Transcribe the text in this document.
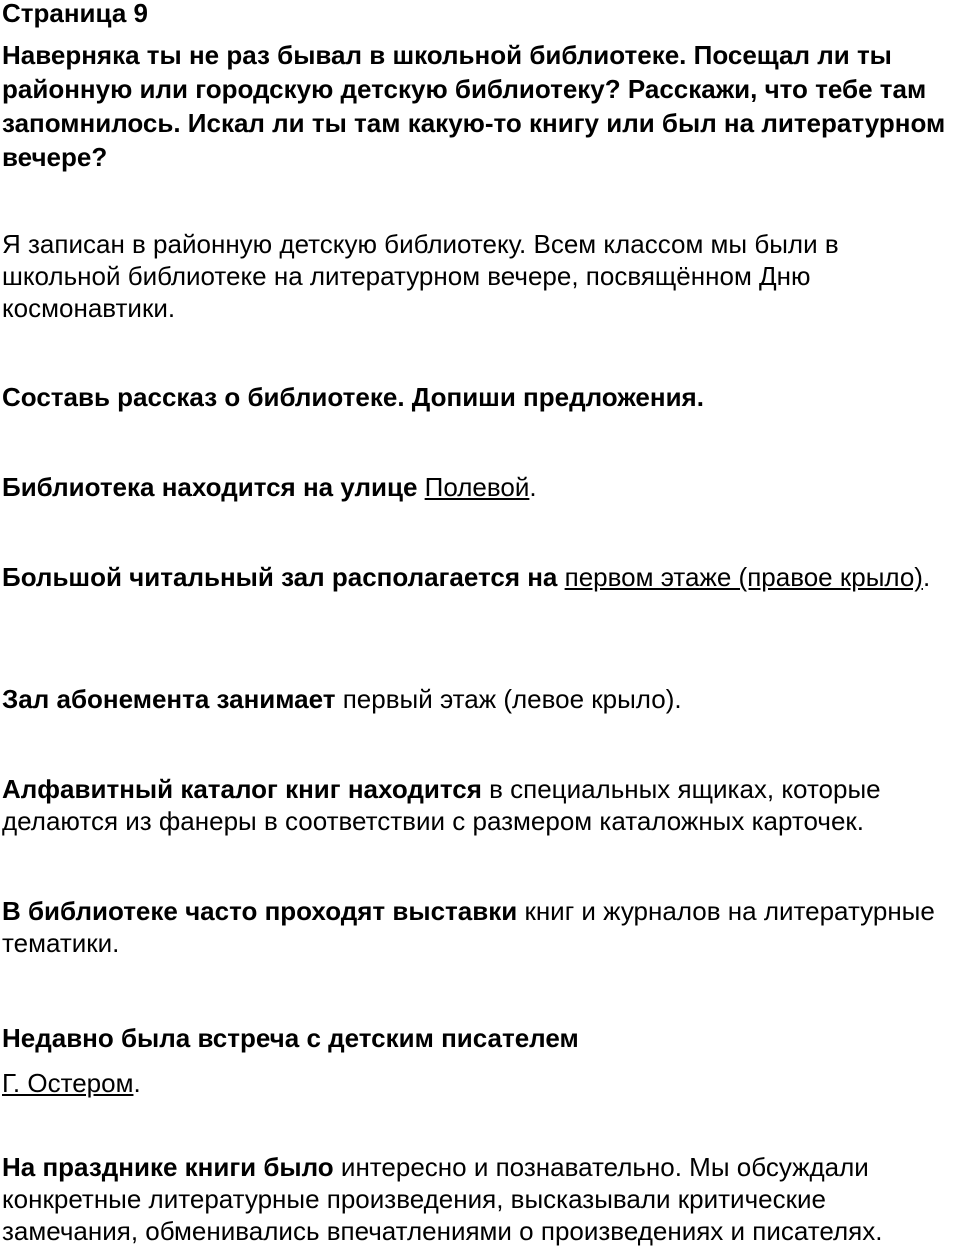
Страница 9

Наверняка ты не раз бывал в школьной библиотеке. Посещал ли ты районную или городскую детскую библиотеку? Расскажи, что тебе там запомнилось. Искал ли ты там какую-то книгу или был на литературном вечере?

Я записан в районную детскую библиотеку. Всем классом мы были в школьной библиотеке на литературном вечере, посвящённом Дню космонавтики.

Составь рассказ о библиотеке. Допиши предложения.

Библиотека находится на улице Полевой.

Большой читальный зал располагается на первом этаже (правое крыло).

Зал абонемента занимает первый этаж (левое крыло).

Алфавитный каталог книг находится в специальных ящиках, которые делаются из фанеры в соответствии с размером каталожных карточек.

В библиотеке часто проходят выставки книг и журналов на литературные тематики.

Недавно была встреча с детским писателем
Г. Остером.

На празднике книги было интересно и познавательно. Мы обсуждали конкретные литературные произведения, высказывали критические замечания, обменивались впечатлениями о произведениях и писателях.
